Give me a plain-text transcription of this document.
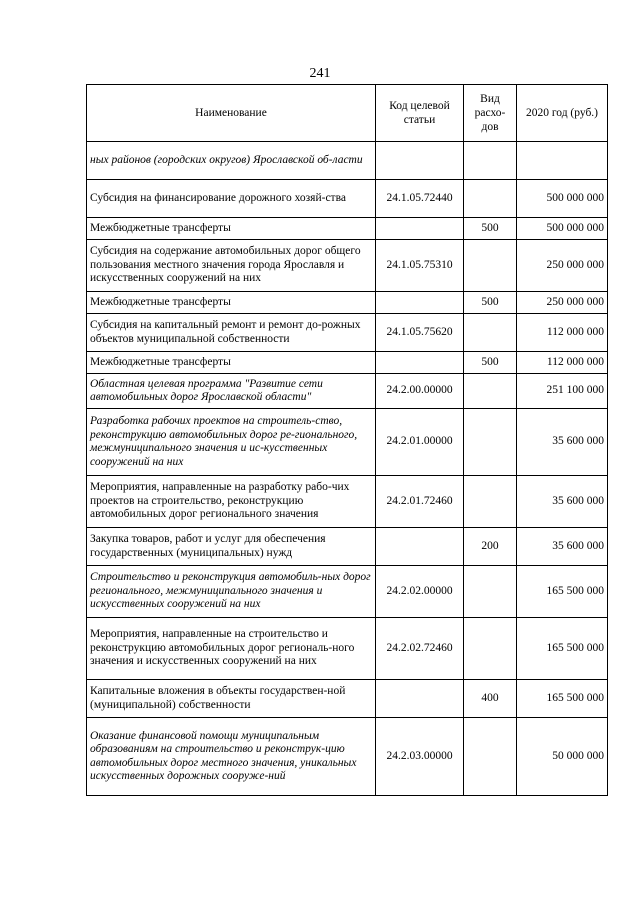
241
Наименование	Код целевой статьи	Вид расхо-дов	2020 год (руб.)
ных районов (городских округов) Ярославской об-ласти			
Субсидия на финансирование дорожного хозяй-ства	24.1.05.72440		500 000 000
Межбюджетные трансферты		500	500 000 000
Субсидия на содержание автомобильных дорог общего пользования местного значения города Ярославля и искусственных сооружений на них	24.1.05.75310		250 000 000
Межбюджетные трансферты		500	250 000 000
Субсидия на капитальный ремонт и ремонт до-рожных объектов муниципальной собственности	24.1.05.75620		112 000 000
Межбюджетные трансферты		500	112 000 000
Областная целевая программа "Развитие сети автомобильных дорог Ярославской области"	24.2.00.00000		251 100 000
Разработка рабочих проектов на строитель-ство, реконструкцию автомобильных дорог ре-гионального, межмуниципального значения и ис-кусственных сооружений на них	24.2.01.00000		35 600 000
Мероприятия, направленные на разработку рабо-чих проектов на строительство, реконструкцию автомобильных дорог регионального значения	24.2.01.72460		35 600 000
Закупка товаров, работ и услуг для обеспечения государственных (муниципальных) нужд		200	35 600 000
Строительство и реконструкция автомобиль-ных дорог регионального, межмуниципального значения и искусственных сооружений на них	24.2.02.00000		165 500 000
Мероприятия, направленные на строительство и реконструкцию автомобильных дорог региональ-ного значения и искусственных сооружений на них	24.2.02.72460		165 500 000
Капитальные вложения в объекты государствен-ной (муниципальной) собственности		400	165 500 000
Оказание финансовой помощи муниципальным образованиям на строительство и реконструк-цию автомобильных дорог местного значения, уникальных искусственных дорожных сооруже-ний	24.2.03.00000		50 000 000
